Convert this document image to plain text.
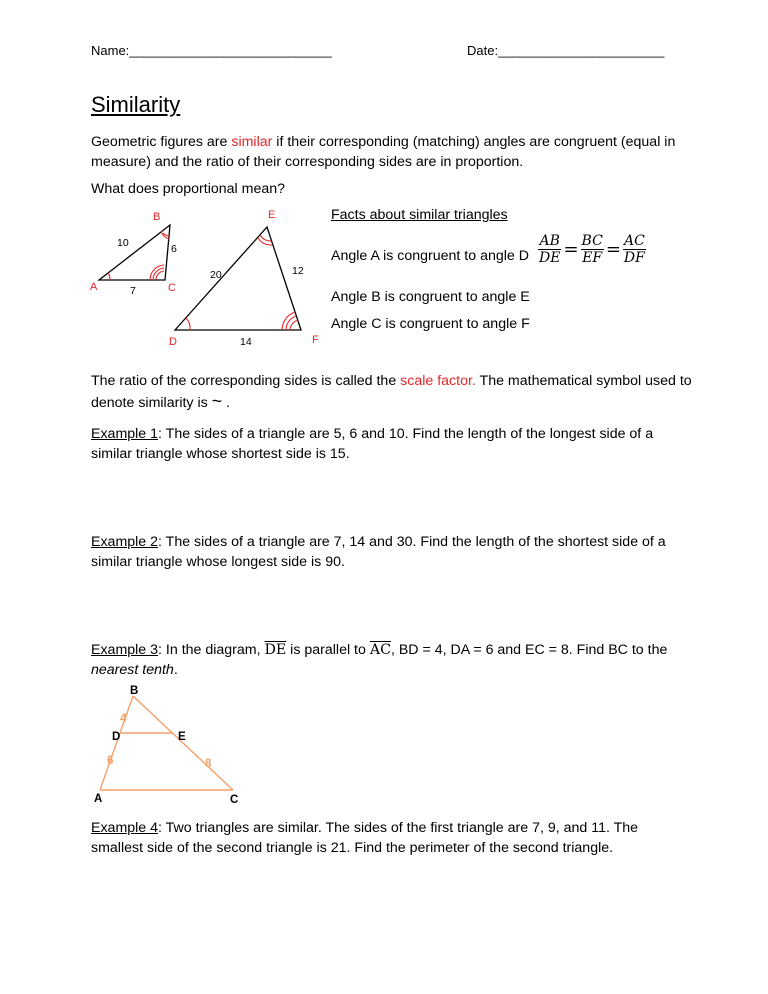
Name:____________________________	Date:_______________________
Similarity
Geometric figures are similar if their corresponding (matching) angles are congruent (equal in
measure) and the ratio of their corresponding sides are in proportion.
What does proportional mean?
A
B
C
D
E
F
10	6
7
20	12
14
Facts about similar triangles
Angle A is congruent to angle D
Angle B is congruent to angle E
Angle C is congruent to angle F
$\frac{AB}{DE} = \frac{BC}{EF} = \frac{AC}{DF}$
The ratio of the corresponding sides is called the scale factor. The mathematical symbol used to
denote similarity is ~ .
Example 1: The sides of a triangle are 5, 6 and 10. Find the length of the longest side of a
similar triangle whose shortest side is 15.
Example 2: The sides of a triangle are 7, 14 and 30. Find the length of the shortest side of a
similar triangle whose longest side is 90.
Example 3: In the diagram, $\overline{DE}$ is parallel to $\overline{AC}$, BD = 4, DA = 6 and EC = 8. Find BC to the
nearest tenth.
A
B
C
D	E
4
6	8
Example 4: Two triangles are similar. The sides of the first triangle are 7, 9, and 11. The
smallest side of the second triangle is 21. Find the perimeter of the second triangle.
